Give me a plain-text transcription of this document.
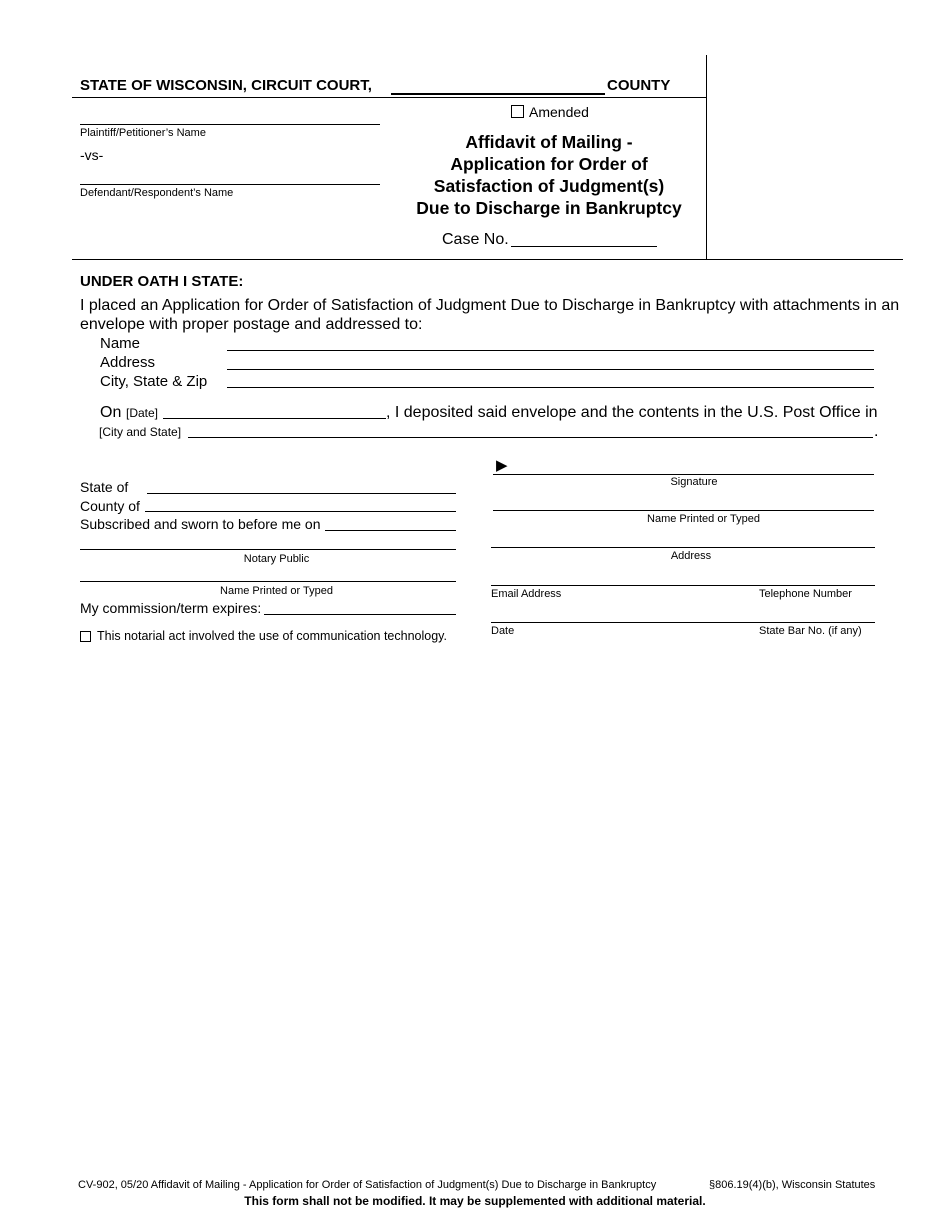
STATE OF WISCONSIN, CIRCUIT COURT,	COUNTY
Amended
Plaintiff/Petitioner’s Name
-vs-
Defendant/Respondent’s Name
Affidavit of Mailing -
Application for Order of
Satisfaction of Judgment(s)
Due to Discharge in Bankruptcy
Case No.
UNDER OATH I STATE:
I placed an Application for Order of Satisfaction of Judgment Due to Discharge in Bankruptcy with attachments in an
envelope with proper postage and addressed to:
Name
Address
City, State & Zip
On [Date]	, I deposited said envelope and the contents in the U.S. Post Office in
[City and State]	.
State of
County of
Subscribed and sworn to before me on
Notary Public
Name Printed or Typed
My commission/term expires:
This notarial act involved the use of communication technology.
▶
Signature
Name Printed or Typed
Address
Email Address	Telephone Number
Date	State Bar No. (if any)
CV-902, 05/20 Affidavit of Mailing - Application for Order of Satisfaction of Judgment(s) Due to Discharge in Bankruptcy	§806.19(4)(b), Wisconsin Statutes
This form shall not be modified. It may be supplemented with additional material.
